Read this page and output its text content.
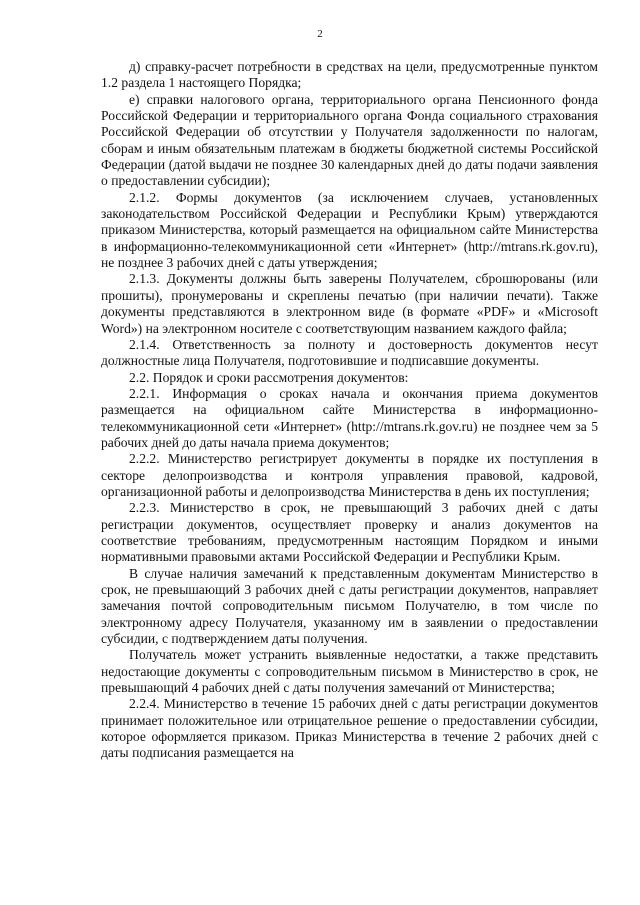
2

д) справку-расчет потребности в средствах на цели, предусмотренные пунктом 1.2 раздела 1 настоящего Порядка;

е) справки налогового органа, территориального органа Пенсионного фонда Российской Федерации и территориального органа Фонда социального страхования Российской Федерации об отсутствии у Получателя задолженности по налогам, сборам и иным обязательным платежам в бюджеты бюджетной системы Российской Федерации (датой выдачи не позднее 30 календарных дней до даты подачи заявления о предоставлении субсидии);

2.1.2. Формы документов (за исключением случаев, установленных законодательством Российской Федерации и Республики Крым) утверждаются приказом Министерства, который размещается на официальном сайте Министерства в информационно-телекоммуникационной сети «Интернет» (http://mtrans.rk.gov.ru), не позднее 3 рабочих дней с даты утверждения;

2.1.3. Документы должны быть заверены Получателем, сброшюрованы (или прошиты), пронумерованы и скреплены печатью (при наличии печати). Также документы представляются в электронном виде (в формате «PDF» и «Microsoft Word») на электронном носителе с соответствующим названием каждого файла;

2.1.4. Ответственность за полноту и достоверность документов несут должностные лица Получателя, подготовившие и подписавшие документы.

2.2. Порядок и сроки рассмотрения документов:

2.2.1. Информация о сроках начала и окончания приема документов размещается на официальном сайте Министерства в информационно-телекоммуникационной сети «Интернет» (http://mtrans.rk.gov.ru) не позднее чем за 5 рабочих дней до даты начала приема документов;

2.2.2. Министерство регистрирует документы в порядке их поступления в секторе делопроизводства и контроля управления правовой, кадровой, организационной работы и делопроизводства Министерства в день их поступления;

2.2.3. Министерство в срок, не превышающий 3 рабочих дней с даты регистрации документов, осуществляет проверку и анализ документов на соответствие требованиям, предусмотренным настоящим Порядком и иными нормативными правовыми актами Российской Федерации и Республики Крым.

В случае наличия замечаний к представленным документам Министерство в срок, не превышающий 3 рабочих дней с даты регистрации документов, направляет замечания почтой сопроводительным письмом Получателю, в том числе по электронному адресу Получателя, указанному им в заявлении о предоставлении субсидии, с подтверждением даты получения.

Получатель может устранить выявленные недостатки, а также представить недостающие документы с сопроводительным письмом в Министерство в срок, не превышающий 4 рабочих дней с даты получения замечаний от Министерства;

2.2.4. Министерство в течение 15 рабочих дней с даты регистрации документов принимает положительное или отрицательное решение о предоставлении субсидии, которое оформляется приказом. Приказ Министерства в течение 2 рабочих дней с даты подписания размещается на
